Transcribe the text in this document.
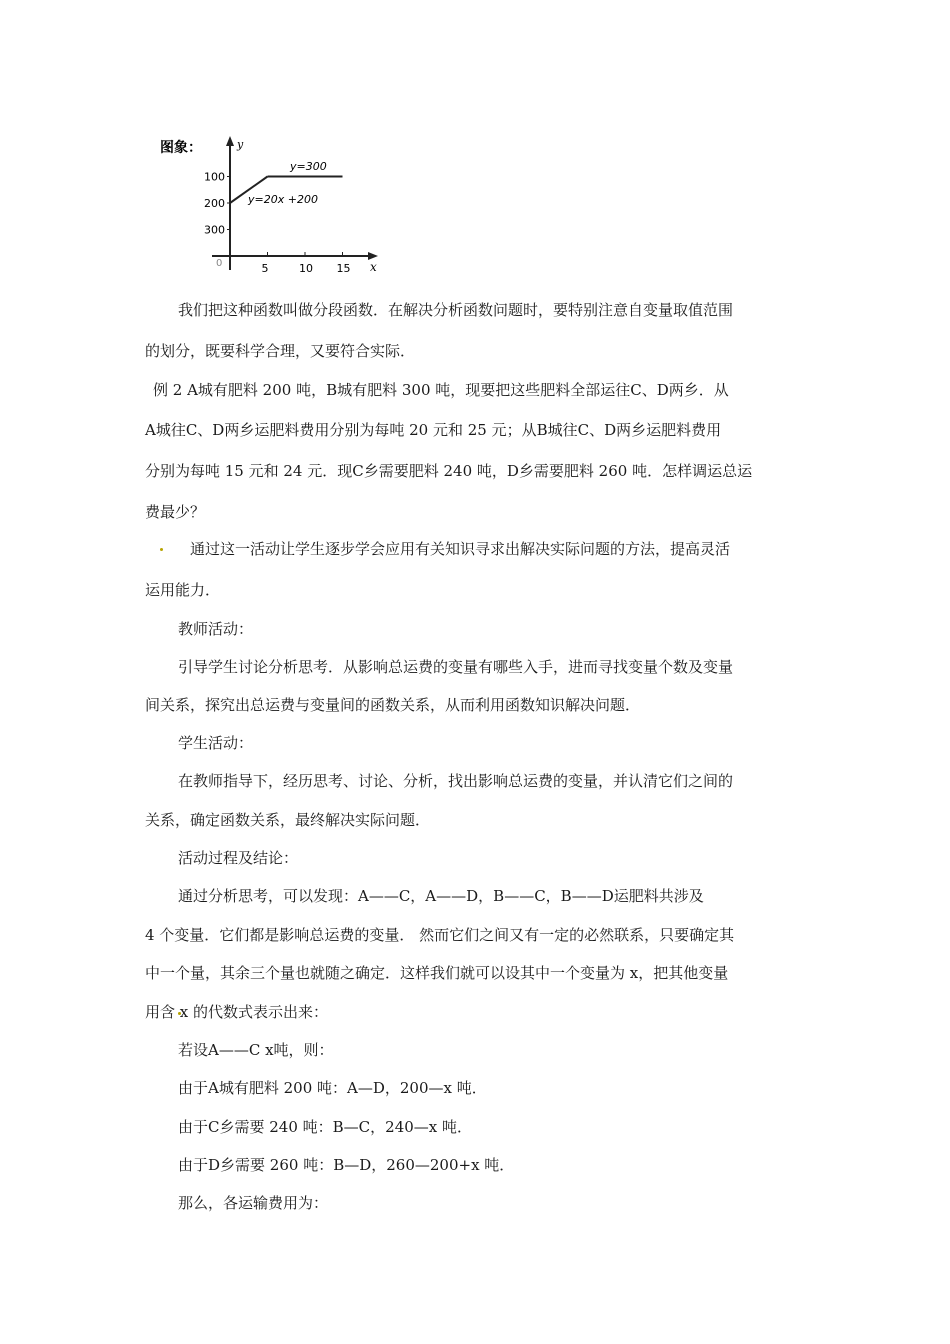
图象：	y
x
0
300
200
100
5	10 15
y=300
y=20x +200
我们把这种函数叫做分段函数．在解决分析函数问题时，要特别注意自变量取值范围
的划分，既要科学合理，又要符合实际．
例 2 A城有肥料 200 吨，B城有肥料 300 吨，现要把这些肥料全部运往C、D两乡．从
A城往C、D两乡运肥料费用分别为每吨 20 元和 25 元；从B城往C、D两乡运肥料费用
分别为每吨 15 元和 24 元．现C乡需要肥料 240 吨，D乡需要肥料 260 吨．怎样调运总运
费最少？
通过这一活动让学生逐步学会应用有关知识寻求出解决实际问题的方法，提高灵活
运用能力．
教师活动：
引导学生讨论分析思考．从影响总运费的变量有哪些入手，进而寻找变量个数及变量
间关系，探究出总运费与变量间的函数关系，从而利用函数知识解决问题．
学生活动：
在教师指导下，经历思考、讨论、分析，找出影响总运费的变量，并认清它们之间的
关系，确定函数关系，最终解决实际问题．
活动过程及结论：
通过分析思考，可以发现：A——C，A——D，B——C，B——D运肥料共涉及
4 个变量．它们都是影响总运费的变量． 然而它们之间又有一定的必然联系，只要确定其
中一个量，其余三个量也就随之确定．这样我们就可以设其中一个变量为 x，把其他变量
用含 x 的代数式表示出来：
若设A——C x吨，则：
由于A城有肥料 200 吨：A—D，200—x 吨．
由于C乡需要 240 吨：B—C，240—x 吨．
由于D乡需要 260 吨：B—D，260—200+x 吨．
那么，各运输费用为：
